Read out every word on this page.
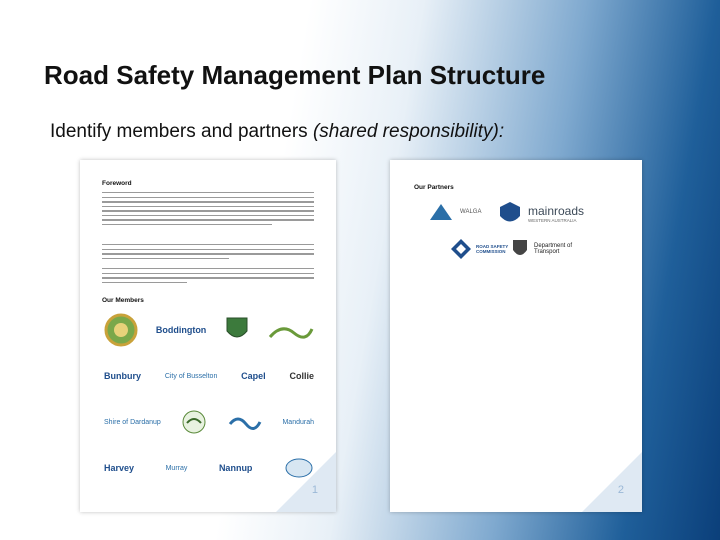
Road Safety Management Plan Structure
Identify members and partners (shared responsibility):
Foreword
Our Members
Boddington
Bunbury	City of Busselton	Capel	Collie
Shire of Dardanup	Mandurah
Harvey	Murray	Nannup
1
Our Partners
WALGA	mainroads
WESTERN AUSTRALIA
ROAD SAFETY COMMISSION
Department of Transport
2
